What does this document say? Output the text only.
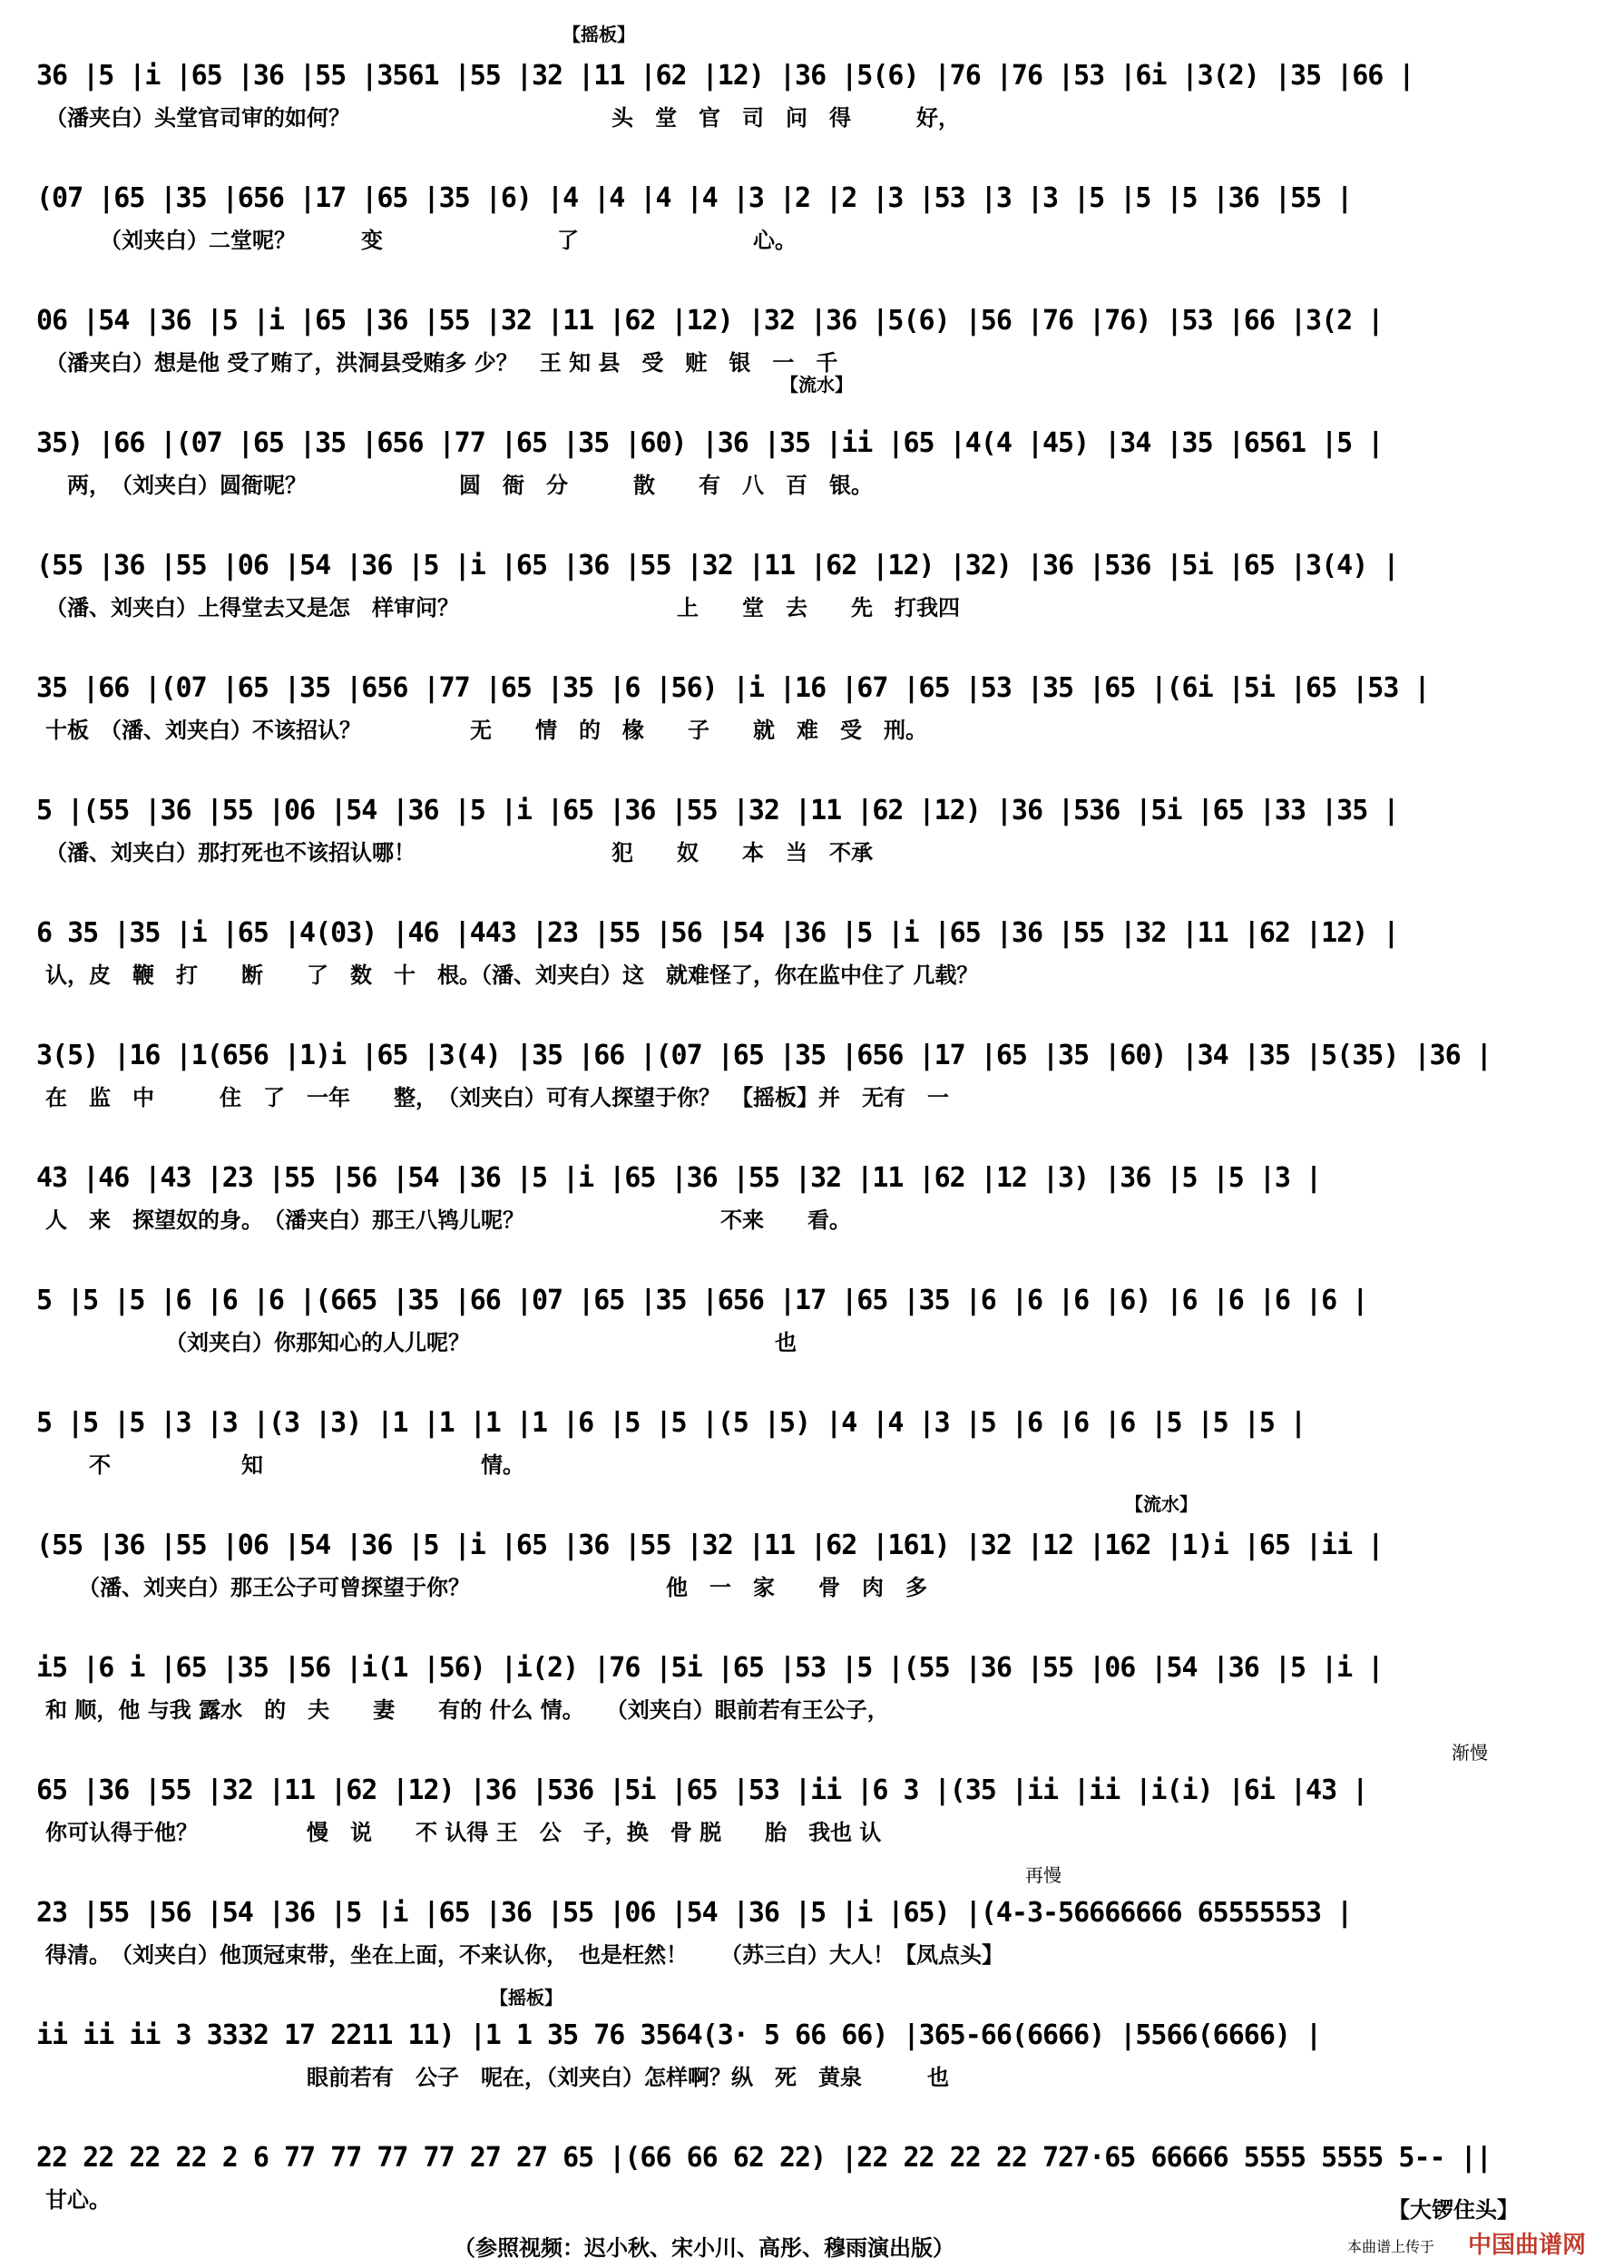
【摇板】
36 |5 |i |65 |36 |55 |3561 |55 |32 |11 |62 |12) |36 |5(6) |76 |76 |53 |6i |3(2) |35 |66 |
（潘夹白）头堂官司审的如何？　　　　　　　　　　　　头　堂　官　司　问　得　　　好，
(07 |65 |35 |656 |17 |65 |35 |6) |4 |4 |4 |4 |3 |2 |2 |3 |53 |3 |3 |5 |5 |5 |36 |55 |
　　　（刘夹白）二堂呢？　　　变　　　　　　　　了　　　　　　　　心。
【流水】
06 |54 |36 |5 |i |65 |36 |55 |32 |11 |62 |12) |32 |36 |5(6) |56 |76 |76) |53 |66 |3(2 |
（潘夹白）想是他 受了贿了，洪洞县受贿多 少？　王 知 县　受　赃　银　一　千
35) |66 |(07 |65 |35 |656 |77 |65 |35 |60) |36 |35 |ii |65 |4(4 |45) |34 |35 |6561 |5 |
　两，　（刘夹白）圆衙呢？　　　　　　　圆　衙　分　　　散　　有　八　百　银。
(55 |36 |55 |06 |54 |36 |5 |i |65 |36 |55 |32 |11 |62 |12) |32) |36 |536 |5i |65 |3(4) |
（潘、刘夹白）上得堂去又是怎　样审问？　　　　　　　　　　上　　堂　去　　先　打我四
35 |66 |(07 |65 |35 |656 |77 |65 |35 |6 |56) |i |16 |67 |65 |53 |35 |65 |(6i |5i |65 |53 |
十板　（潘、刘夹白）不该招认？　　　　　无　　情　的　椽　　子　　就　难　受　刑。
5 |(55 |36 |55 |06 |54 |36 |5 |i |65 |36 |55 |32 |11 |62 |12) |36 |536 |5i |65 |33 |35 |
（潘、刘夹白）那打死也不该招认哪！　　　　　　　　　犯　　奴　　本　当　不承
6 35 |35 |i |65 |4(03) |46 |443 |23 |55 |56 |54 |36 |5 |i |65 |36 |55 |32 |11 |62 |12) |
认，皮　鞭　打　　断　　了　数　十　根。（潘、刘夹白）这　就难怪了，你在监中住了 几载？
3(5) |16 |1(656 |1)i |65 |3(4) |35 |66 |(07 |65 |35 |656 |17 |65 |35 |60) |34 |35 |5(35) |36 |
在　监　中　　　住　了　一年　　整，　（刘夹白）可有人探望于你？　【摇板】并　无有　一
43 |46 |43 |23 |55 |56 |54 |36 |5 |i |65 |36 |55 |32 |11 |62 |12 |3) |36 |5 |5 |3 |
人　来　探望奴的身。　（潘夹白）那王八鸨儿呢？　　　　　　　　　不来　　看。
5 |5 |5 |6 |6 |6 |(665 |35 |66 |07 |65 |35 |656 |17 |65 |35 |6 |6 |6 |6) |6 |6 |6 |6 |
　　　　　　（刘夹白）你那知心的人儿呢？　　　　　　　　　　　　　　也
5 |5 |5 |3 |3 |(3 |3) |1 |1 |1 |1 |6 |5 |5 |(5 |5) |4 |4 |3 |5 |6 |6 |6 |5 |5 |5 |
　　不　　　　　　知　　　　　　　　　　情。
【流水】
(55 |36 |55 |06 |54 |36 |5 |i |65 |36 |55 |32 |11 |62 |161) |32 |12 |162 |1)i |65 |ii |
　　（潘、刘夹白）那王公子可曾探望于你？　　　　　　　　　他　一　家　　骨　肉　多
i5 |6 i |65 |35 |56 |i(1 |56) |i(2) |76 |5i |65 |53 |5 |(55 |36 |55 |06 |54 |36 |5 |i |
和 顺，他 与我 露水　的　夫　　妻　　有的 什么 情。　　（刘夹白）眼前若有王公子，
渐慢
65 |36 |55 |32 |11 |62 |12) |36 |536 |5i |65 |53 |ii |6 3 |(35 |ii |ii |i(i) |6i |43 |
你可认得于他？　　　　　慢　说　　不 认得 王　公　子，换　骨 脱　　胎　我也 认
再慢
23 |55 |56 |54 |36 |5 |i |65 |36 |55 |06 |54 |36 |5 |i |65) |(4-3-56666666 65555553 |
得清。　（刘夹白）他顶冠束带，坐在上面，不来认你，　也是枉然！　　（苏三白）大人！【凤点头】
【摇板】
ii ii ii 3 3332 17 2211 11) |1 1 35 76 3564(3· 5 66 66) |365-66(6666) |5566(6666) |
　　　　　　　　　　　　眼前若有　公子　呢在，（刘夹白）怎样啊？纵　死　黄泉　　　也
22 22 22 22 2 6 77 77 77 77 27 27 65 |(66 66 62 22) |22 22 22 22 727·65 66666 5555 5555 5-- ||
甘心。	【大锣住头】
（参照视频：迟小秋、宋小川、高彤、穆雨演出版）	本曲谱上传于 中国曲谱网
